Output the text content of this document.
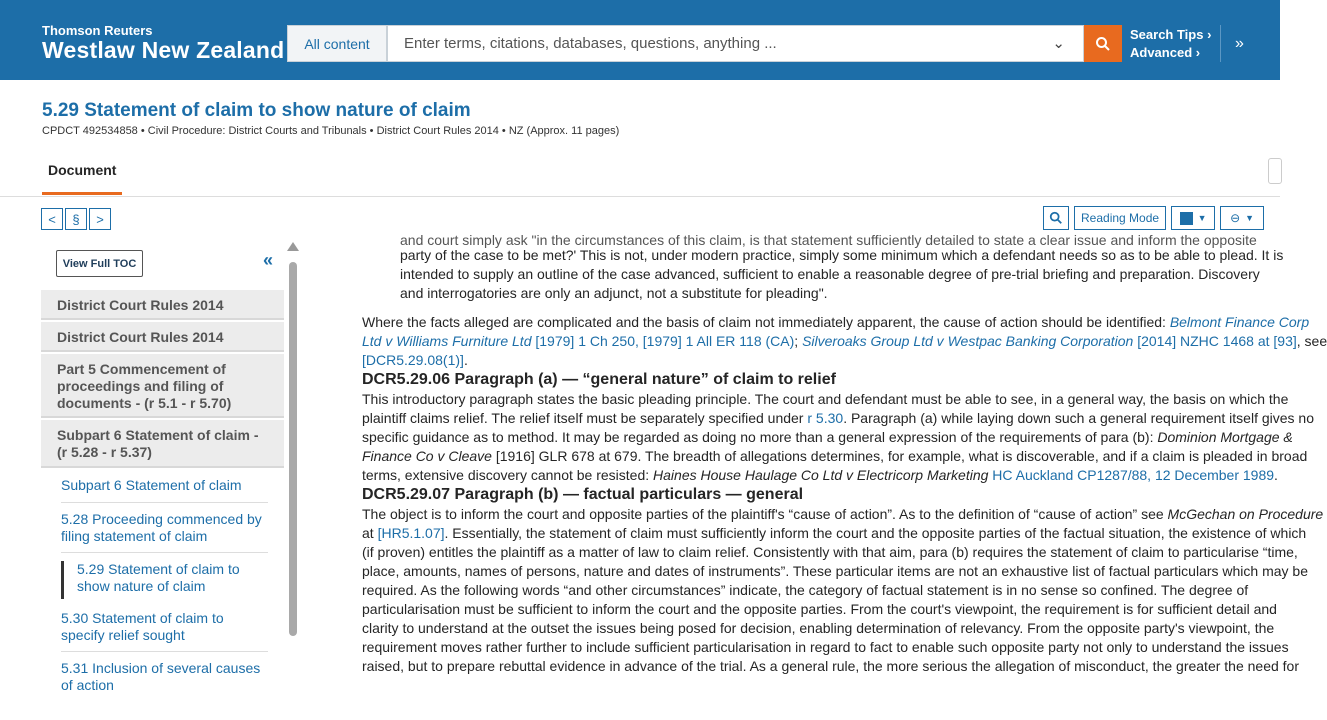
Thomson Reuters
Westlaw New Zealand	All content	Enter terms, citations, databases, questions, anything ...	⌄
Search Tips ›
Advanced ›
»
5.29 Statement of claim to show nature of claim
CPDCT 492534858 • Civil Procedure: District Courts and Tribunals • District Court Rules 2014 • NZ (Approx. 11 pages)
Document
<	§	>	Reading Mode	▼ ⊖ ▼
View Full TOC	«
District Court Rules 2014
District Court Rules 2014
Part 5 Commencement of proceedings and filing of documents - (r 5.1 - r 5.70)
Subpart 6 Statement of claim - (r 5.28 - r 5.37)
Subpart 6 Statement of claim
5.28 Proceeding commenced by filing statement of claim
5.29 Statement of claim to show nature of claim
5.30 Statement of claim to specify relief sought
5.31 Inclusion of several causes of action

and court simply ask "in the circumstances of this claim, is that statement sufficiently detailed to state a clear issue and inform the opposite

party of the case to be met?' This is not, under modern practice, simply some minimum which a defendant needs so as to be able to plead. It is

intended to supply an outline of the case advanced, sufficient to enable a reasonable degree of pre-trial briefing and preparation. Discovery

and interrogatories are only an adjunct, not a substitute for pleading".

Where the facts alleged are complicated and the basis of claim not immediately apparent, the cause of action should be identified: Belmont Finance Corp

Ltd v Williams Furniture Ltd [1979] 1 Ch 250, [1979] 1 All ER 118 (CA); Silveroaks Group Ltd v Westpac Banking Corporation [2014] NZHC 1468 at [93], see

[DCR5.29.08(1)].

DCR5.29.06 Paragraph (a) — “general nature” of claim to relief

This introductory paragraph states the basic pleading principle. The court and defendant must be able to see, in a general way, the basis on which the

plaintiff claims relief. The relief itself must be separately specified under r 5.30. Paragraph (a) while laying down such a general requirement itself gives no

specific guidance as to method. It may be regarded as doing no more than a general expression of the requirements of para (b): Dominion Mortgage &

Finance Co v Cleave [1916] GLR 678 at 679. The breadth of allegations determines, for example, what is discoverable, and if a claim is pleaded in broad

terms, extensive discovery cannot be resisted: Haines House Haulage Co Ltd v Electricorp Marketing HC Auckland CP1287/88, 12 December 1989.

DCR5.29.07 Paragraph (b) — factual particulars — general

The object is to inform the court and opposite parties of the plaintiff's “cause of action”. As to the definition of “cause of action” see McGechan on Procedure

at [HR5.1.07]. Essentially, the statement of claim must sufficiently inform the court and the opposite parties of the factual situation, the existence of which

(if proven) entitles the plaintiff as a matter of law to claim relief. Consistently with that aim, para (b) requires the statement of claim to particularise “time,

place, amounts, names of persons, nature and dates of instruments”. These particular items are not an exhaustive list of factual particulars which may be

required. As the following words “and other circumstances” indicate, the category of factual statement is in no sense so confined. The degree of

particularisation must be sufficient to inform the court and the opposite parties. From the court's viewpoint, the requirement is for sufficient detail and

clarity to understand at the outset the issues being posed for decision, enabling determination of relevancy. From the opposite party's viewpoint, the

requirement moves rather further to include sufficient particularisation in regard to fact to enable such opposite party not only to understand the issues

raised, but to prepare rebuttal evidence in advance of the trial. As a general rule, the more serious the allegation of misconduct, the greater the need for
